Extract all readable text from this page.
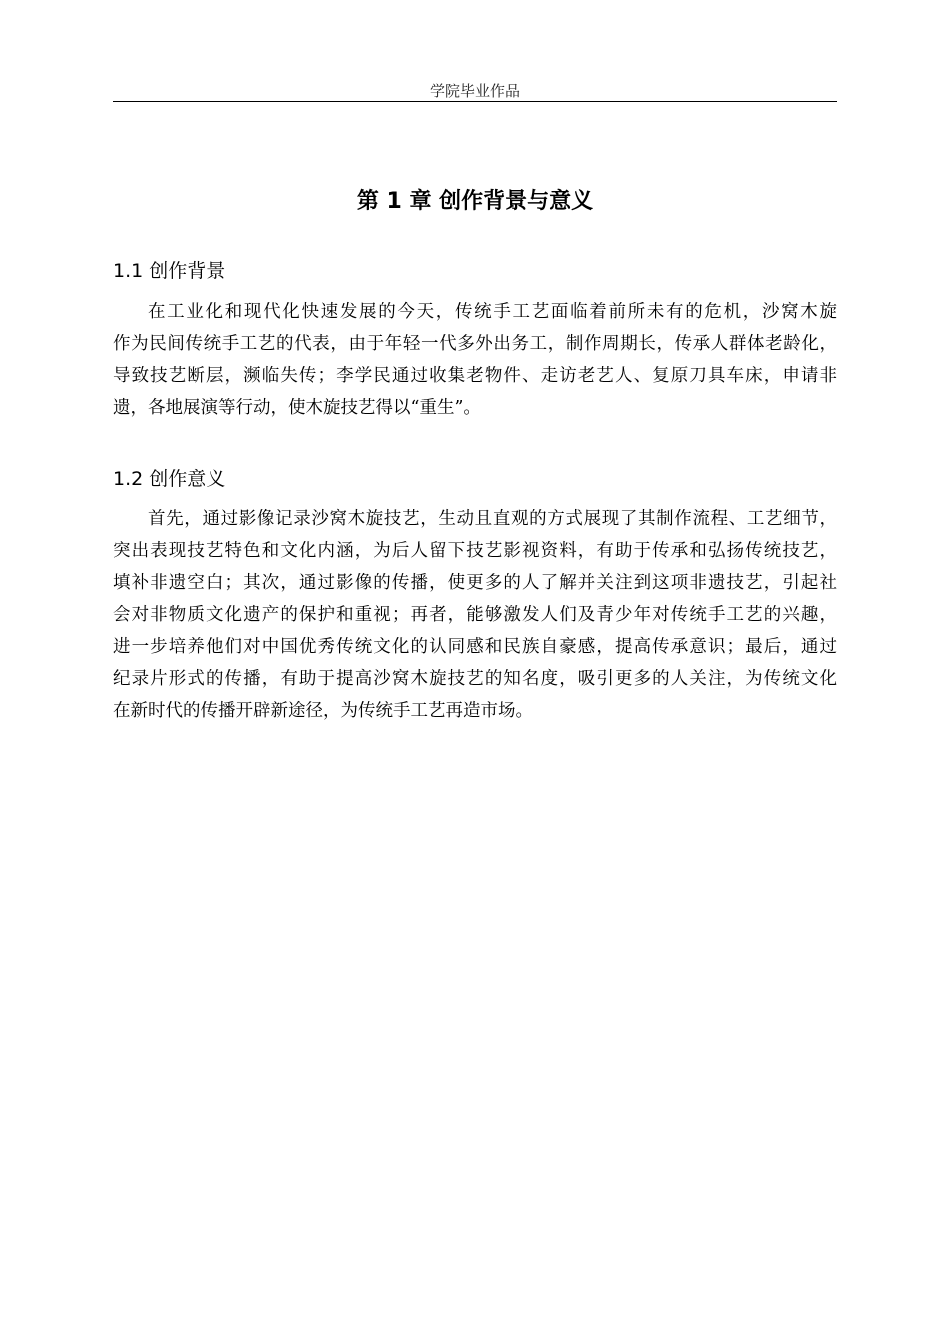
学院毕业作品
第 1 章 创作背景与意义
1.1 创作背景
在工业化和现代化快速发展的今天，传统手工艺面临着前所未有的危机，沙窝木旋
作为民间传统手工艺的代表，由于年轻一代多外出务工，制作周期长，传承人群体老龄化，
导致技艺断层，濒临失传；李学民通过收集老物件、走访老艺人、复原刀具车床，申请非
遗，各地展演等行动，使木旋技艺得以“重生”。
1.2 创作意义
首先，通过影像记录沙窝木旋技艺，生动且直观的方式展现了其制作流程、工艺细节，
突出表现技艺特色和文化内涵，为后人留下技艺影视资料，有助于传承和弘扬传统技艺，
填补非遗空白；其次，通过影像的传播，使更多的人了解并关注到这项非遗技艺，引起社
会对非物质文化遗产的保护和重视；再者，能够激发人们及青少年对传统手工艺的兴趣，
进一步培养他们对中国优秀传统文化的认同感和民族自豪感，提高传承意识；最后，通过
纪录片形式的传播，有助于提高沙窝木旋技艺的知名度，吸引更多的人关注，为传统文化
在新时代的传播开辟新途径，为传统手工艺再造市场。
